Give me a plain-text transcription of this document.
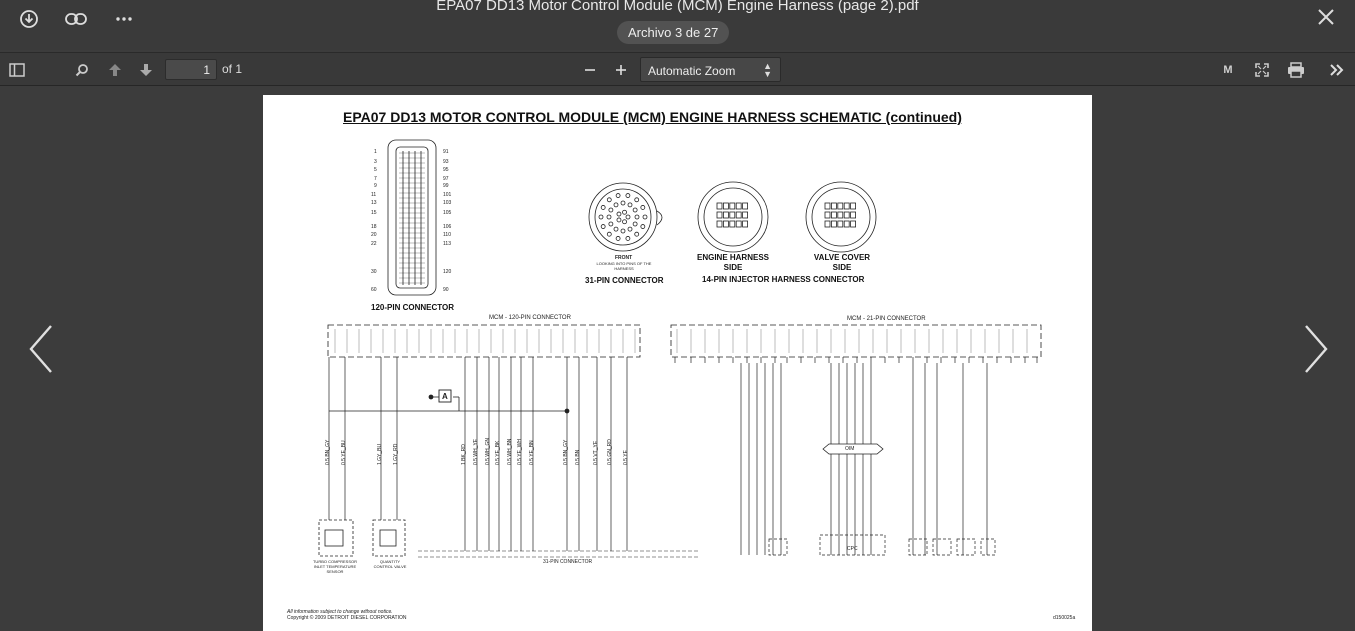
EPA07 DD13 Motor Control Module (MCM) Engine Harness (page 2).pdf
Archivo 3 de 27
1	of 1	Automatic Zoom	▲
▼	M
EPA07 DD13 MOTOR CONTROL MODULE (MCM) ENGINE HARNESS SCHEMATIC (continued)
120-PIN CONNECTOR
FRONT
LOOKING INTO PINS OF THE HARNESS
31-PIN CONNECTOR
ENGINE HARNESS SIDE
VALVE COVER SIDE
14-PIN INJECTOR HARNESS CONNECTOR
MCM - 120-PIN CONNECTOR	MCM - 21-PIN CONNECTOR
A
OIM
CPC
31-PIN CONNECTOR
TURBO COMPRESSOR INLET TEMPERATURE SENSOR
QUANTITY CONTROL VALVE
All information subject to change without notice.
Copyright © 2009 DETROIT DIESEL CORPORATION	d150025a
0.5 BN_GY 0.5 YE_BU	1 GY_BU 1 GY_RD	1 BK_RD 0.5 WH_YE 0.5 WH_GN 0.5 YE_BK 0.5 WH_BN 0.5 YE_WH 0.5 YE_BN	0.5 BN_GY 0.5 BN 0.5 VT_YE 0.5 GN_RD 0.5 YE
1
3
5
7
9
11
13
15
18
20
22
30
60
91
93
95
97
99
101
103
105
106
110
113
120
90
